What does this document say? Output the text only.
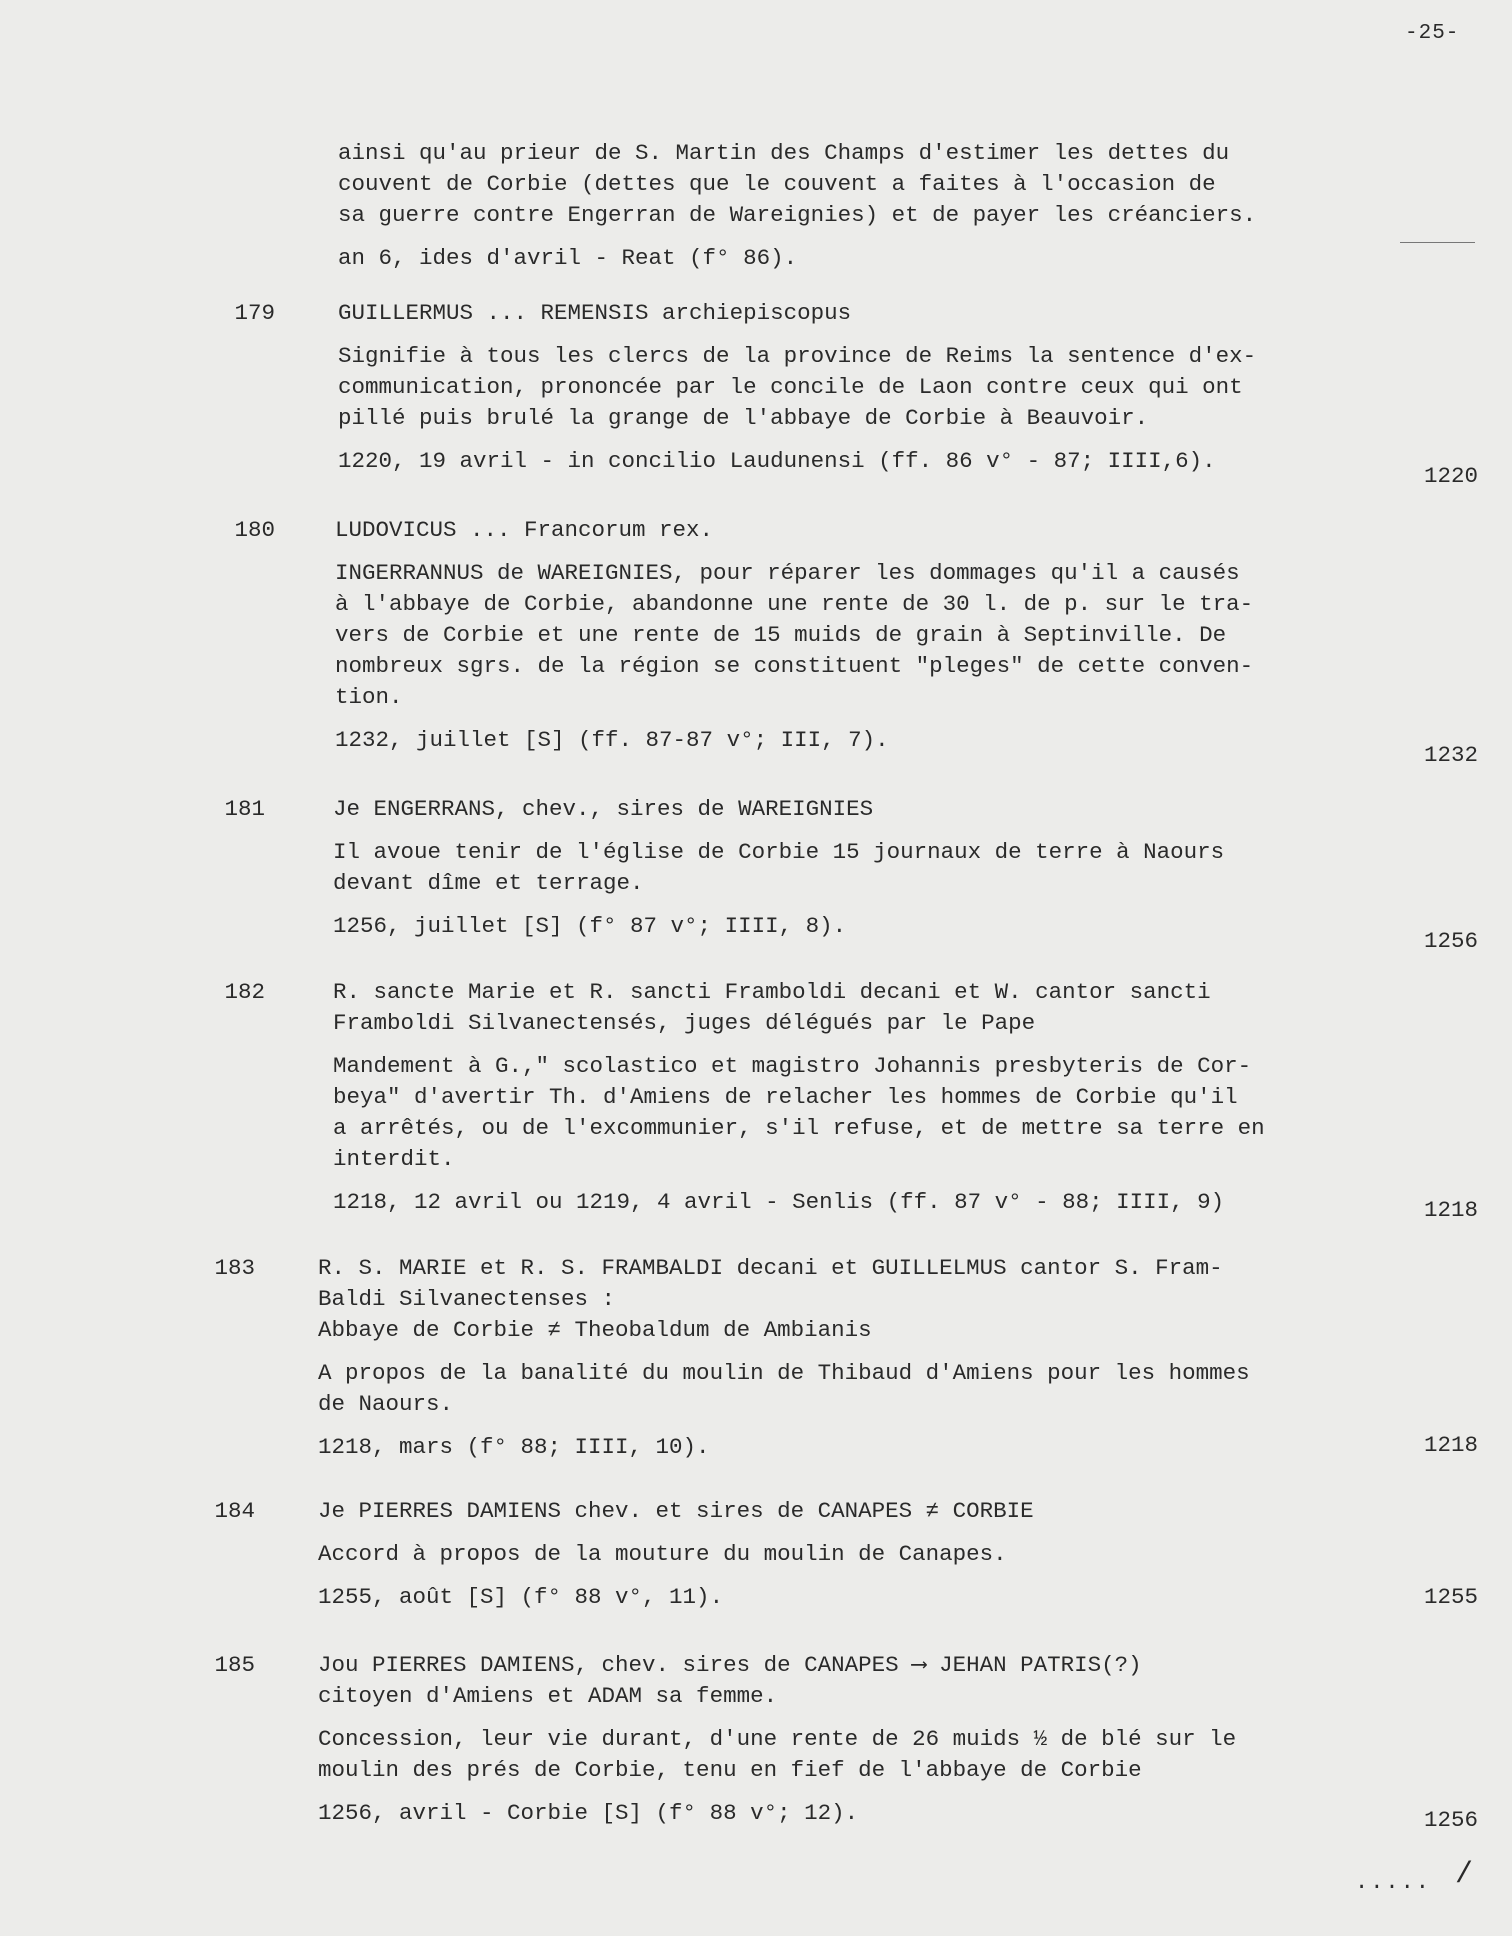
-25-
ainsi qu'au prieur de S. Martin des Champs d'estimer les dettes du
couvent de Corbie (dettes que le couvent a faites à l'occasion de
sa guerre contre Engerran de Wareignies) et de payer les créanciers.
an 6, ides d'avril - Reat (f° 86).
179	GUILLERMUS ... REMENSIS archiepiscopus
Signifie à tous les clercs de la province de Reims la sentence d'ex-
communication, prononcée par le concile de Laon contre ceux qui ont
pillé puis brulé la grange de l'abbaye de Corbie à Beauvoir.
1220, 19 avril - in concilio Laudunensi (ff. 86 v° - 87; IIII,6).
1220
180	LUDOVICUS ... Francorum rex.
INGERRANNUS de WAREIGNIES, pour réparer les dommages qu'il a causés
à l'abbaye de Corbie, abandonne une rente de 30 l. de p. sur le tra-
vers de Corbie et une rente de 15 muids de grain à Septinville. De
nombreux sgrs. de la région se constituent "pleges" de cette conven-
tion.
1232, juillet [S] (ff. 87-87 v°; III, 7).
1232
181	Je ENGERRANS, chev., sires de WAREIGNIES
Il avoue tenir de l'église de Corbie 15 journaux de terre à Naours
devant dîme et terrage.
1256, juillet [S] (f° 87 v°; IIII, 8).
1256
182	R. sancte Marie et R. sancti Framboldi decani et W. cantor sancti
Framboldi Silvanectensés, juges délégués par le Pape
Mandement à G.," scolastico et magistro Johannis presbyteris de Cor-
beya" d'avertir Th. d'Amiens de relacher les hommes de Corbie qu'il
a arrêtés, ou de l'excommunier, s'il refuse, et de mettre sa terre en
interdit.
1218, 12 avril ou 1219, 4 avril - Senlis (ff. 87 v° - 88; IIII, 9)	1218
183	R. S. MARIE et R. S. FRAMBALDI decani et GUILLELMUS cantor S. Fram-
Baldi Silvanectenses :
Abbaye de Corbie ≠ Theobaldum de Ambianis
A propos de la banalité du moulin de Thibaud d'Amiens pour les hommes
de Naours.
1218, mars (f° 88; IIII, 10).	1218
184	Je PIERRES DAMIENS chev. et sires de CANAPES ≠ CORBIE
Accord à propos de la mouture du moulin de Canapes.
1255, août [S] (f° 88 v°, 11).	1255
185	Jou PIERRES DAMIENS, chev. sires de CANAPES ⟶ JEHAN PATRIS(?)
citoyen d'Amiens et ADAM sa femme.
Concession, leur vie durant, d'une rente de 26 muids ½ de blé sur le
moulin des prés de Corbie, tenu en fief de l'abbaye de Corbie
1256, avril - Corbie [S] (f° 88 v°; 12).	1256
..... /
